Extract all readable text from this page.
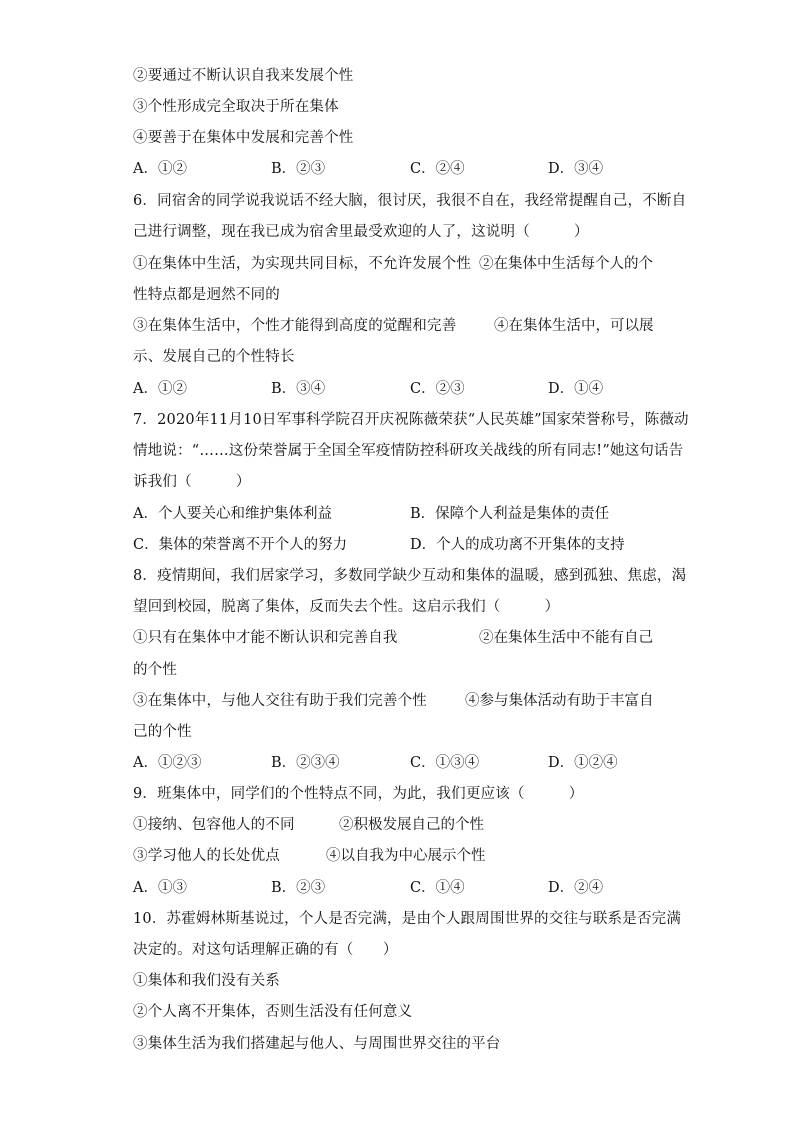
②要通过不断认识自我来发展个性
③个性形成完全取决于所在集体
④要善于在集体中发展和完善个性
A．①②	B．②③	C．②④	D．③④
6．同宿舍的同学说我说话不经大脑，很讨厌，我很不自在，我经常提醒自己，不断自
己进行调整，现在我已成为宿舍里最受欢迎的人了，这说明（　　　）
①在集体中生活，为实现共同目标，不允许发展个性 ②在集体中生活每个人的个
性特点都是迥然不同的
③在集体生活中，个性才能得到高度的觉醒和完善	④在集体生活中，可以展
示、发展自己的个性特长
A．①②	B．③④	C．②③	D．①④
7．2020年11月10日军事科学院召开庆祝陈薇荣获“人民英雄”国家荣誉称号，陈薇动
情地说：“……这份荣誉属于全国全军疫情防控科研攻关战线的所有同志!”她这句话告
诉我们（　　　）
A．个人要关心和维护集体利益	B．保障个人利益是集体的责任
C．集体的荣誉离不开个人的努力	D．个人的成功离不开集体的支持
8．疫情期间，我们居家学习，多数同学缺少互动和集体的温暖，感到孤独、焦虑，渴
望回到校园，脱离了集体，反而失去个性。这启示我们（　　　）
①只有在集体中才能不断认识和完善自我	②在集体生活中不能有自己
的个性
③在集体中，与他人交往有助于我们完善个性	④参与集体活动有助于丰富自
己的个性
A．①②③	B．②③④	C．①③④	D．①②④
9．班集体中，同学们的个性特点不同，为此，我们更应该（　　　）
①接纳、包容他人的不同	②积极发展自己的个性
③学习他人的长处优点	④以自我为中心展示个性
A．①③	B．②③	C．①④	D．②④
10．苏霍姆林斯基说过，个人是否完满，是由个人跟周围世界的交往与联系是否完满
决定的。对这句话理解正确的有（　　）
①集体和我们没有关系
②个人离不开集体，否则生活没有任何意义
③集体生活为我们搭建起与他人、与周围世界交往的平台
